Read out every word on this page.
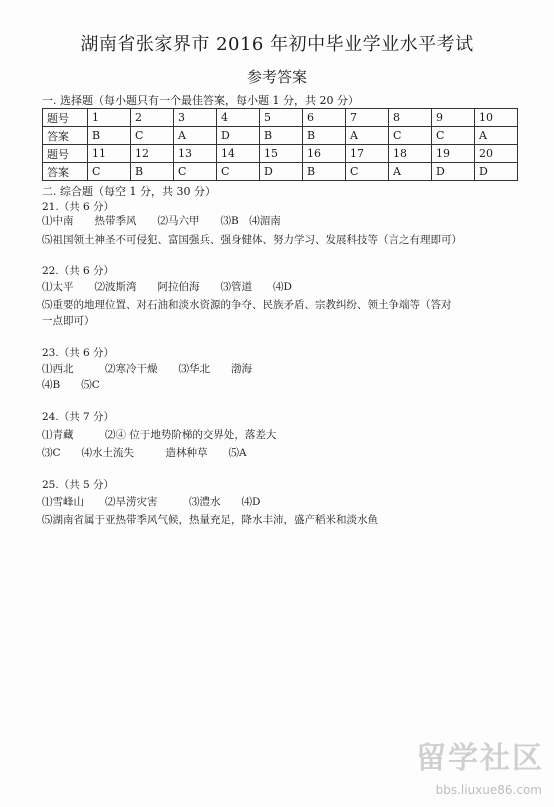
湖南省张家界市 2016 年初中毕业学业水平考试
参考答案
一. 选择题（每小题只有一个最佳答案，每小题 1 分，共 20 分）
题号	1	2	3	4	5	6	7	8	9	10
答案	B	C	A	D	B	B	A	C	C	A
题号	11	12	13	14	15	16	17	18	19	20
答案	C	B	C	C	D	B	C	A	D	D
二. 综合题（每空 1 分，共 30 分）
21.（共 6 分）
⑴中南　　热带季风　　⑵马六甲　　⑶B　⑷湄南
⑸祖国领土神圣不可侵犯、富国强兵、强身健体、努力学习、发展科技等（言之有理即可）
22.（共 6 分）
⑴太平　　⑵波斯湾　　阿拉伯海　　⑶管道　　⑷D
⑸重要的地理位置、对石油和淡水资源的争夺、民族矛盾、宗教纠纷、领土争端等（答对
一点即可）
23.（共 6 分）
⑴西北　　　⑵寒冷干燥　　⑶华北　　渤海
⑷B　　⑸C
24.（共 7 分）
⑴青藏　　　⑵④ 位于地势阶梯的交界处，落差大
⑶C　　⑷水土流失　　　造林种草　　⑸A
25.（共 5 分）
⑴雪峰山　　⑵旱涝灾害　　　⑶澧水　　⑷D
⑸湖南省属于亚热带季风气候，热量充足，降水丰沛，盛产稻米和淡水鱼
留学社区
bbs.liuxue86.com
